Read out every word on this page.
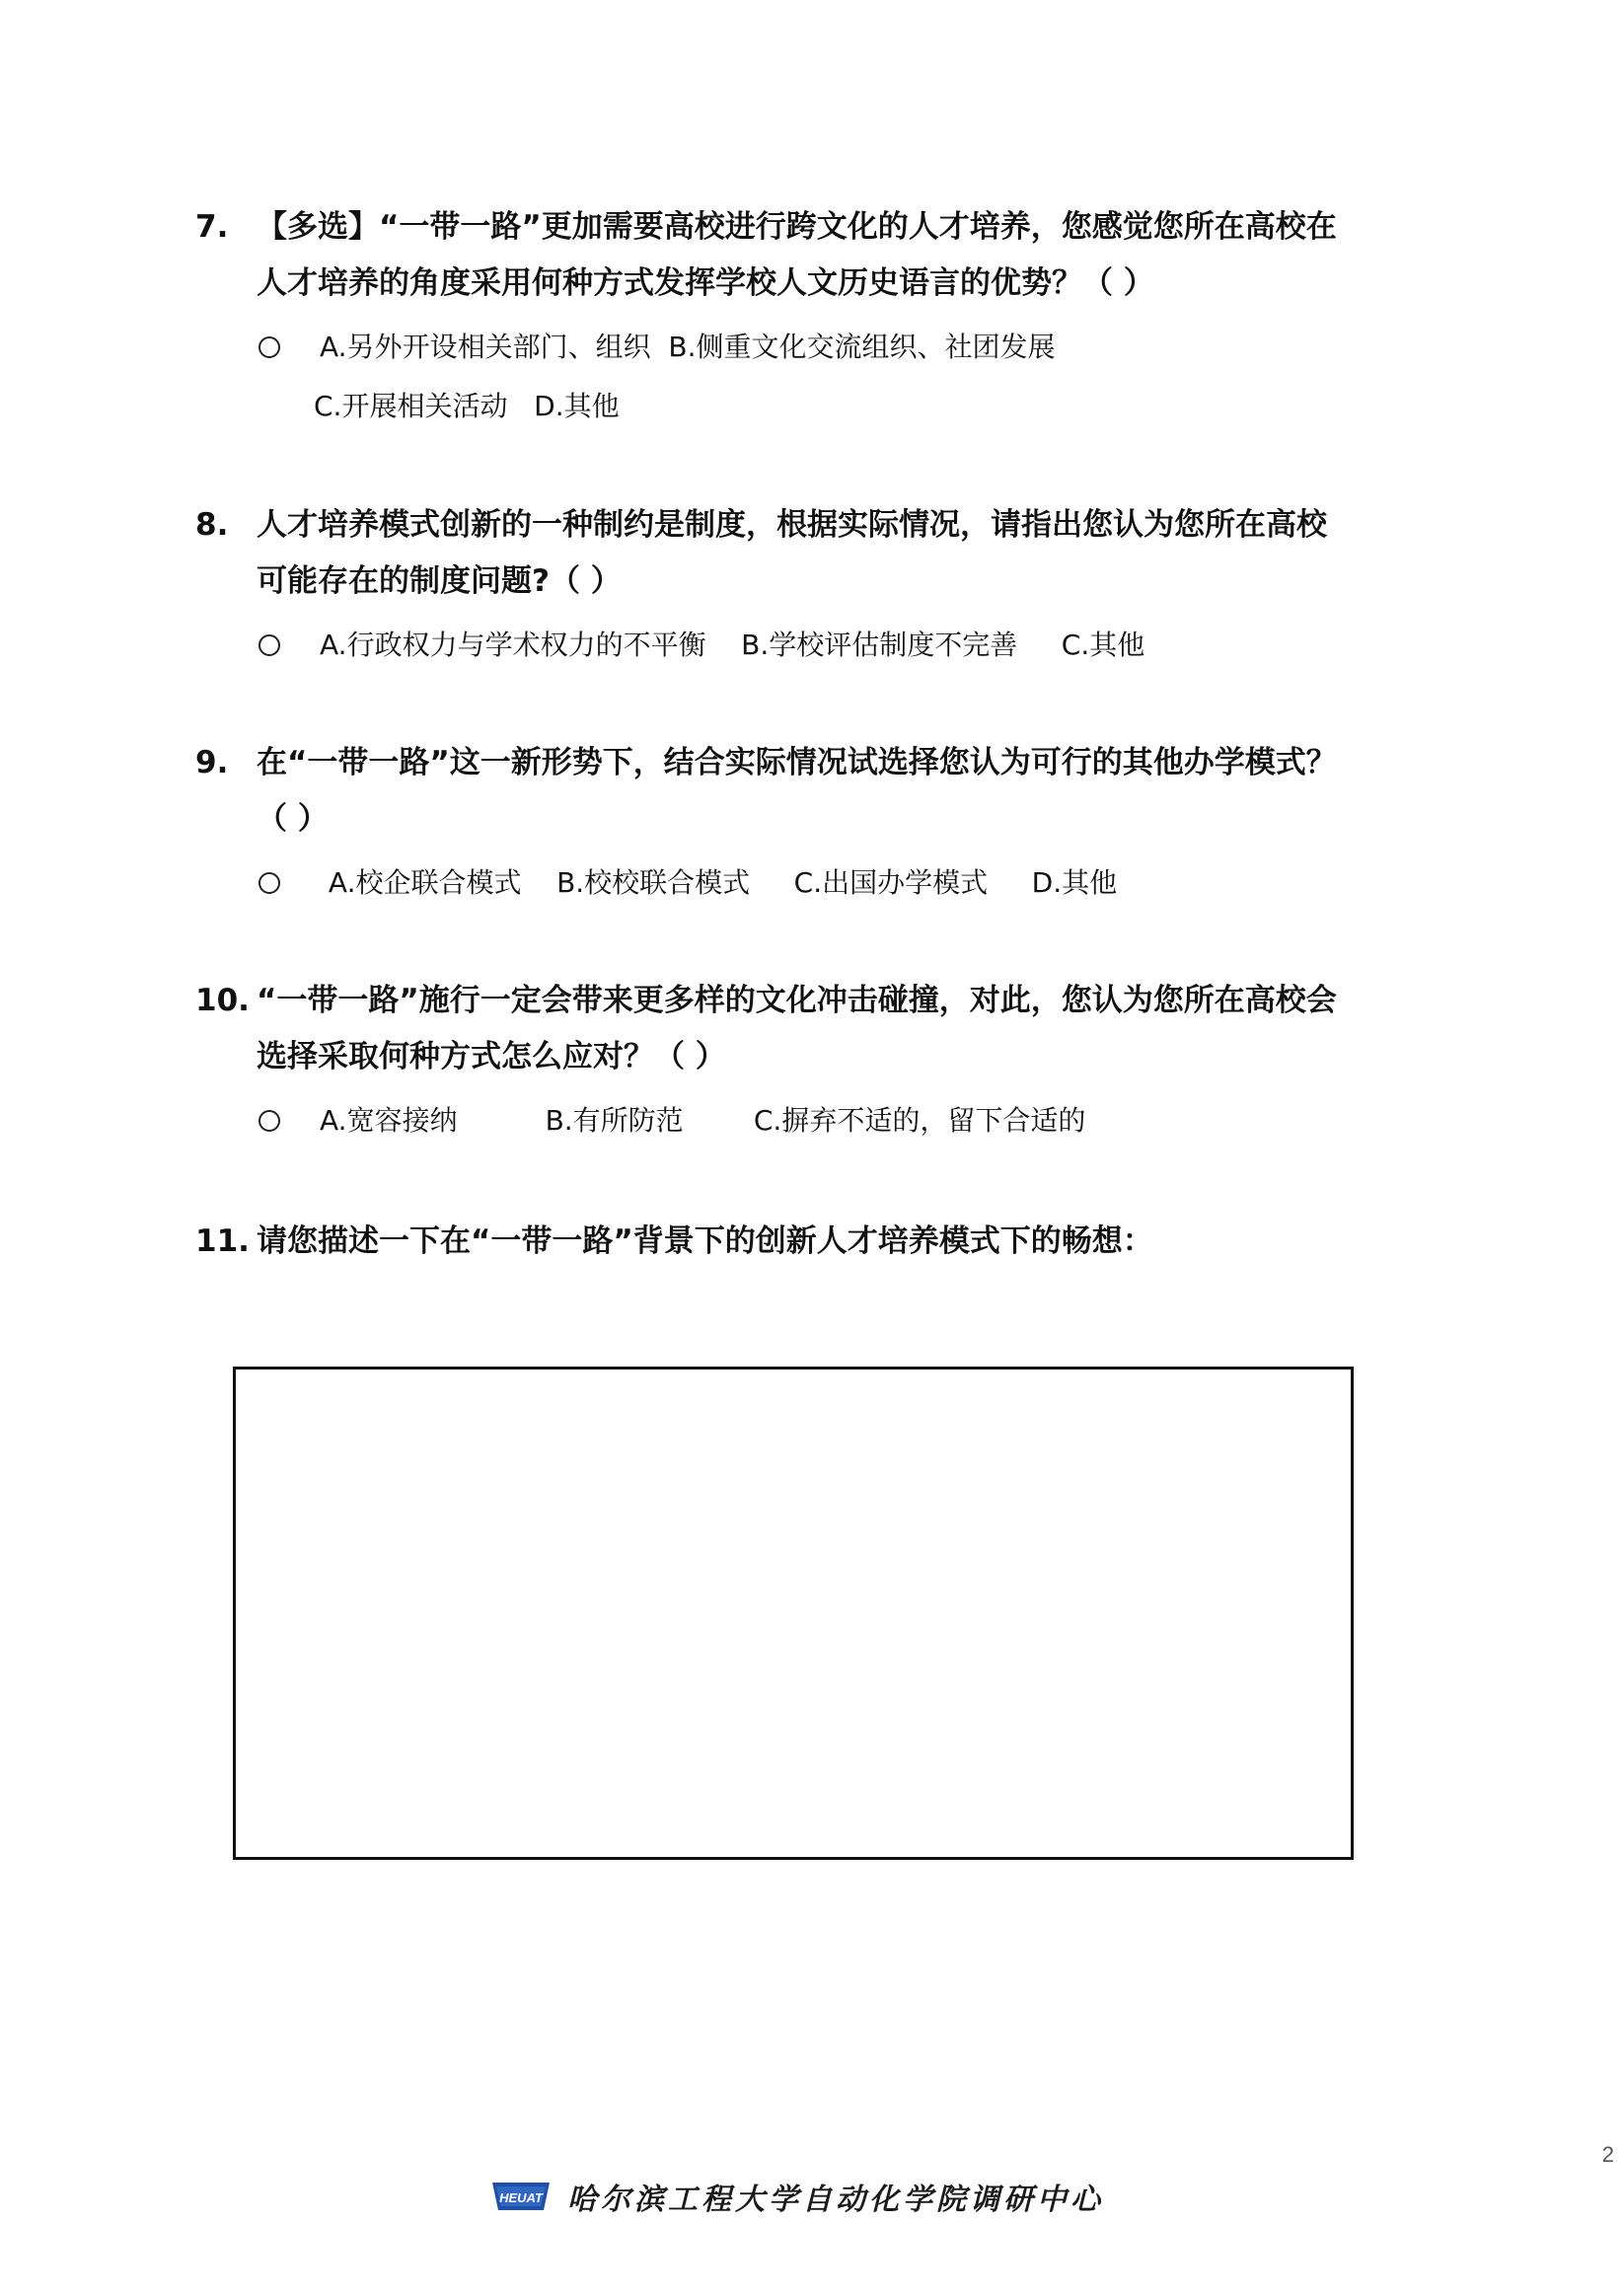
7. 【多选】“一带一路”更加需要高校进行跨文化的人才培养，您感觉您所在高校在
人才培养的角度采用何种方式发挥学校人文历史语言的优势？（ ）
A.另外开设相关部门、组织  B.侧重文化交流组织、社团发展
C.开展相关活动   D.其他
8. 人才培养模式创新的一种制约是制度，根据实际情况，请指出您认为您所在高校
可能存在的制度问题?（ ）
A.行政权力与学术权力的不平衡    B.学校评估制度不完善     C.其他
9. 在“一带一路”这一新形势下，结合实际情况试选择您认为可行的其他办学模式？
（ ）
A.校企联合模式    B.校校联合模式     C.出国办学模式     D.其他
10. “一带一路”施行一定会带来更多样的文化冲击碰撞，对此，您认为您所在高校会
选择采取何种方式怎么应对？（ ）
A.宽容接纳          B.有所防范        C.摒弃不适的，留下合适的
11. 请您描述一下在“一带一路”背景下的创新人才培养模式下的畅想：
2
HEUAT 哈尔滨工程大学自动化学院调研中心
